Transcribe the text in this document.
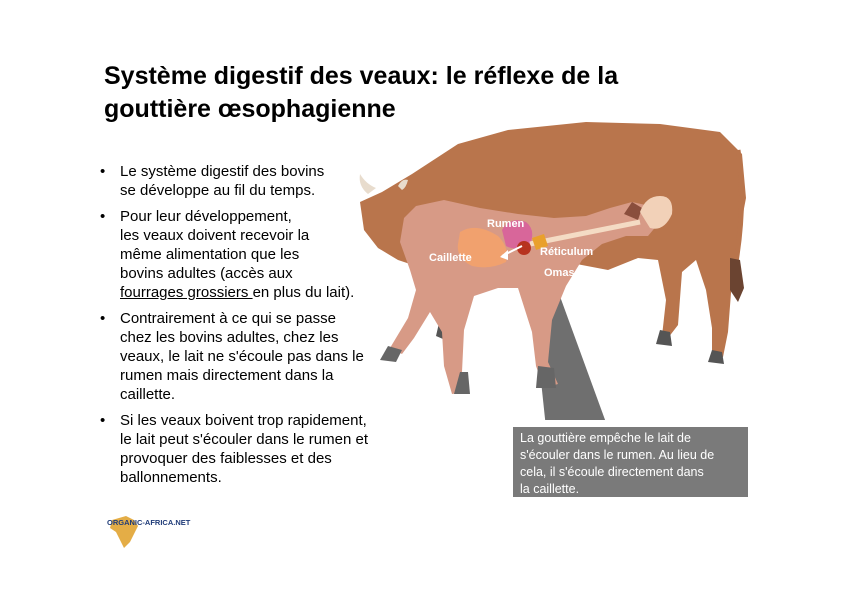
Système digestif des veaux: le réflexe de la
gouttière œsophagienne
• Le système digestif des bovins
se développe au fil du temps.
• Pour leur développement,
les veaux doivent recevoir la
même alimentation que les
bovins adultes (accès aux
fourrages grossiers en plus du lait).
• Contrairement à ce qui se passe
chez les bovins adultes, chez les
veaux, le lait ne s'écoule pas dans le
rumen mais directement dans la
caillette.
• Si les veaux boivent trop rapidement,
le lait peut s'écouler dans le rumen et
provoquer des faiblesses et des
ballonnements.
Rumen
Réticulum
Caillette
Omas
La gouttière empêche le lait de
s'écouler dans le rumen. Au lieu de
cela, il s'écoule directement dans
la caillette.
ORGANIC-AFRICA.NET
